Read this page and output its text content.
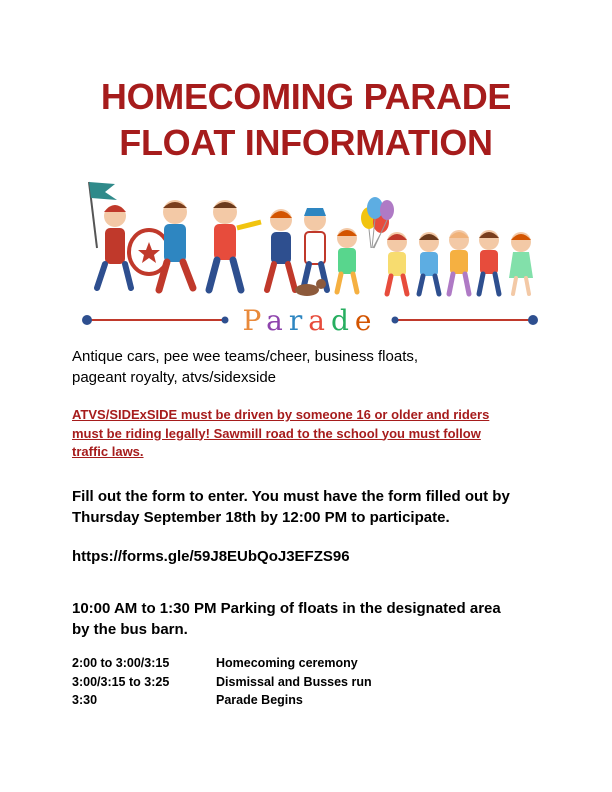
HOMECOMING PARADE
FLOAT INFORMATION
Parade
Antique cars, pee wee teams/cheer, business floats,
pageant royalty, atvs/sidexside
ATVS/SIDExSIDE must be driven by someone 16 or older and riders
must be riding legally! Sawmill road to the school you must follow
traffic laws.
Fill out the form to enter. You must have the form filled out by
Thursday September 18th by 12:00 PM to participate.
https://forms.gle/59J8EUbQoJ3EFZS96
10:00 AM to 1:30 PM Parking of floats in the designated area
by the bus barn.
2:00 to 3:00/3:15	Homecoming ceremony
3:00/3:15 to 3:25	Dismissal and Busses run
3:30	Parade Begins
